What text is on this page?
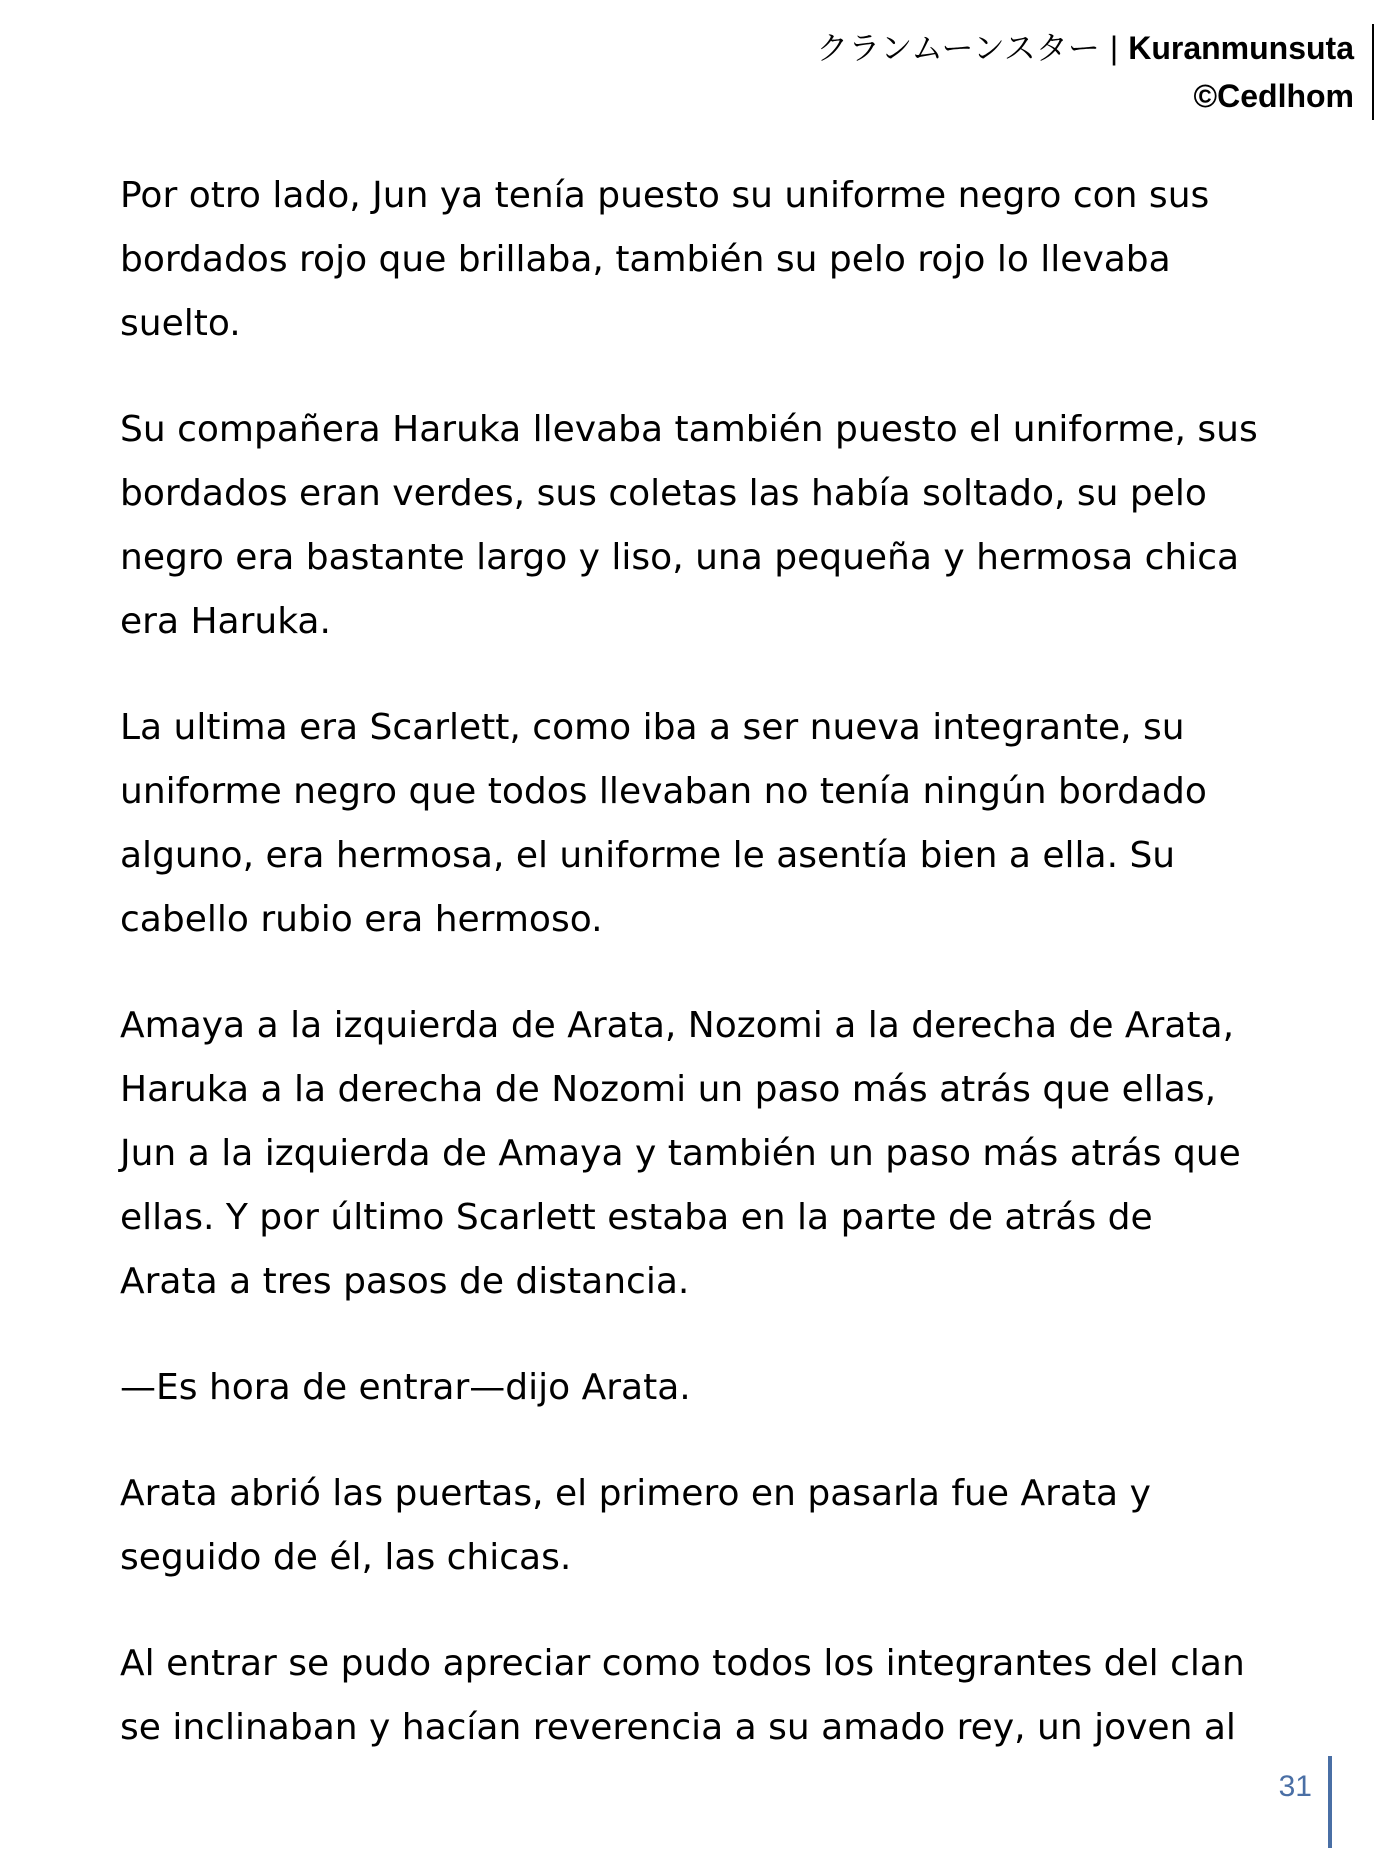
クランムーンスター | Kuranmunsuta
©Cedlhom

Por otro lado, Jun ya tenía puesto su uniforme negro con sus
bordados rojo que brillaba, también su pelo rojo lo llevaba
suelto.

Su compañera Haruka llevaba también puesto el uniforme, sus
bordados eran verdes, sus coletas las había soltado, su pelo
negro era bastante largo y liso, una pequeña y hermosa chica
era Haruka.

La ultima era Scarlett, como iba a ser nueva integrante, su
uniforme negro que todos llevaban no tenía ningún bordado
alguno, era hermosa, el uniforme le asentía bien a ella. Su
cabello rubio era hermoso.

Amaya a la izquierda de Arata, Nozomi a la derecha de Arata,
Haruka a la derecha de Nozomi un paso más atrás que ellas,
Jun a la izquierda de Amaya y también un paso más atrás que
ellas. Y por último Scarlett estaba en la parte de atrás de
Arata a tres pasos de distancia.

—Es hora de entrar—dijo Arata.

Arata abrió las puertas, el primero en pasarla fue Arata y
seguido de él, las chicas.

Al entrar se pudo apreciar como todos los integrantes del clan
se inclinaban y hacían reverencia a su amado rey, un joven al

31
